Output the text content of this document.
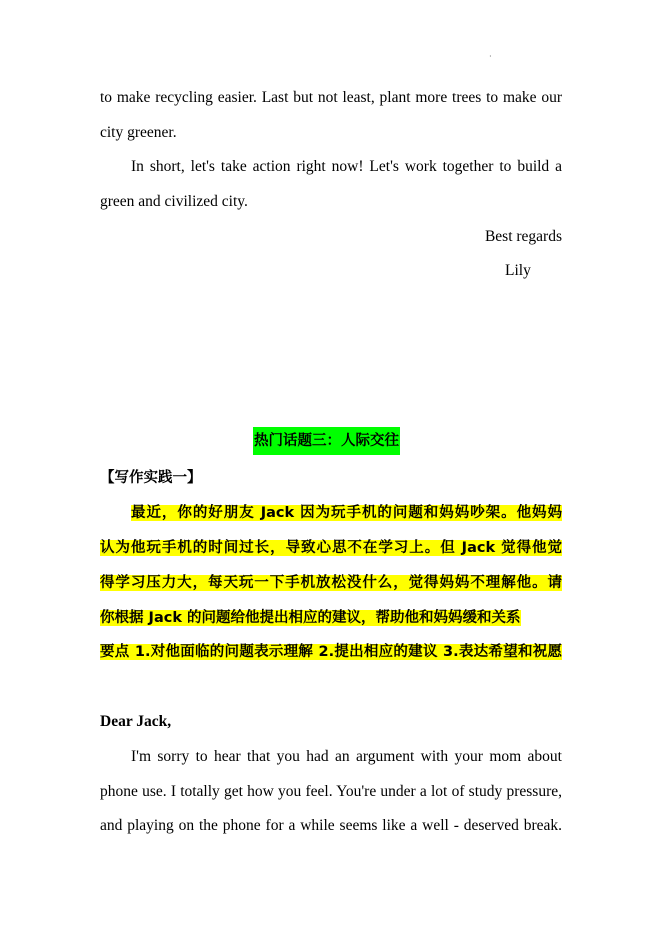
·
to make recycling easier. Last but not least, plant more trees to make our
city greener.
In short, let's take action right now! Let's work together to build a
green and civilized city.
Best regards
Lily
热门话题三：人际交往
【写作实践一】
最近，你的好朋友 Jack 因为玩手机的问题和妈妈吵架。他妈妈
认为他玩手机的时间过长，导致心思不在学习上。但 Jack 觉得他觉
得学习压力大，每天玩一下手机放松没什么，觉得妈妈不理解他。请
你根据 Jack 的问题给他提出相应的建议，帮助他和妈妈缓和关系
要点 1.对他面临的问题表示理解 2.提出相应的建议 3.表达希望和祝愿
Dear Jack,
I'm sorry to hear that you had an argument with your mom about
phone use. I totally get how you feel. You're under a lot of study pressure,
and playing on the phone for a while seems like a well - deserved break.
